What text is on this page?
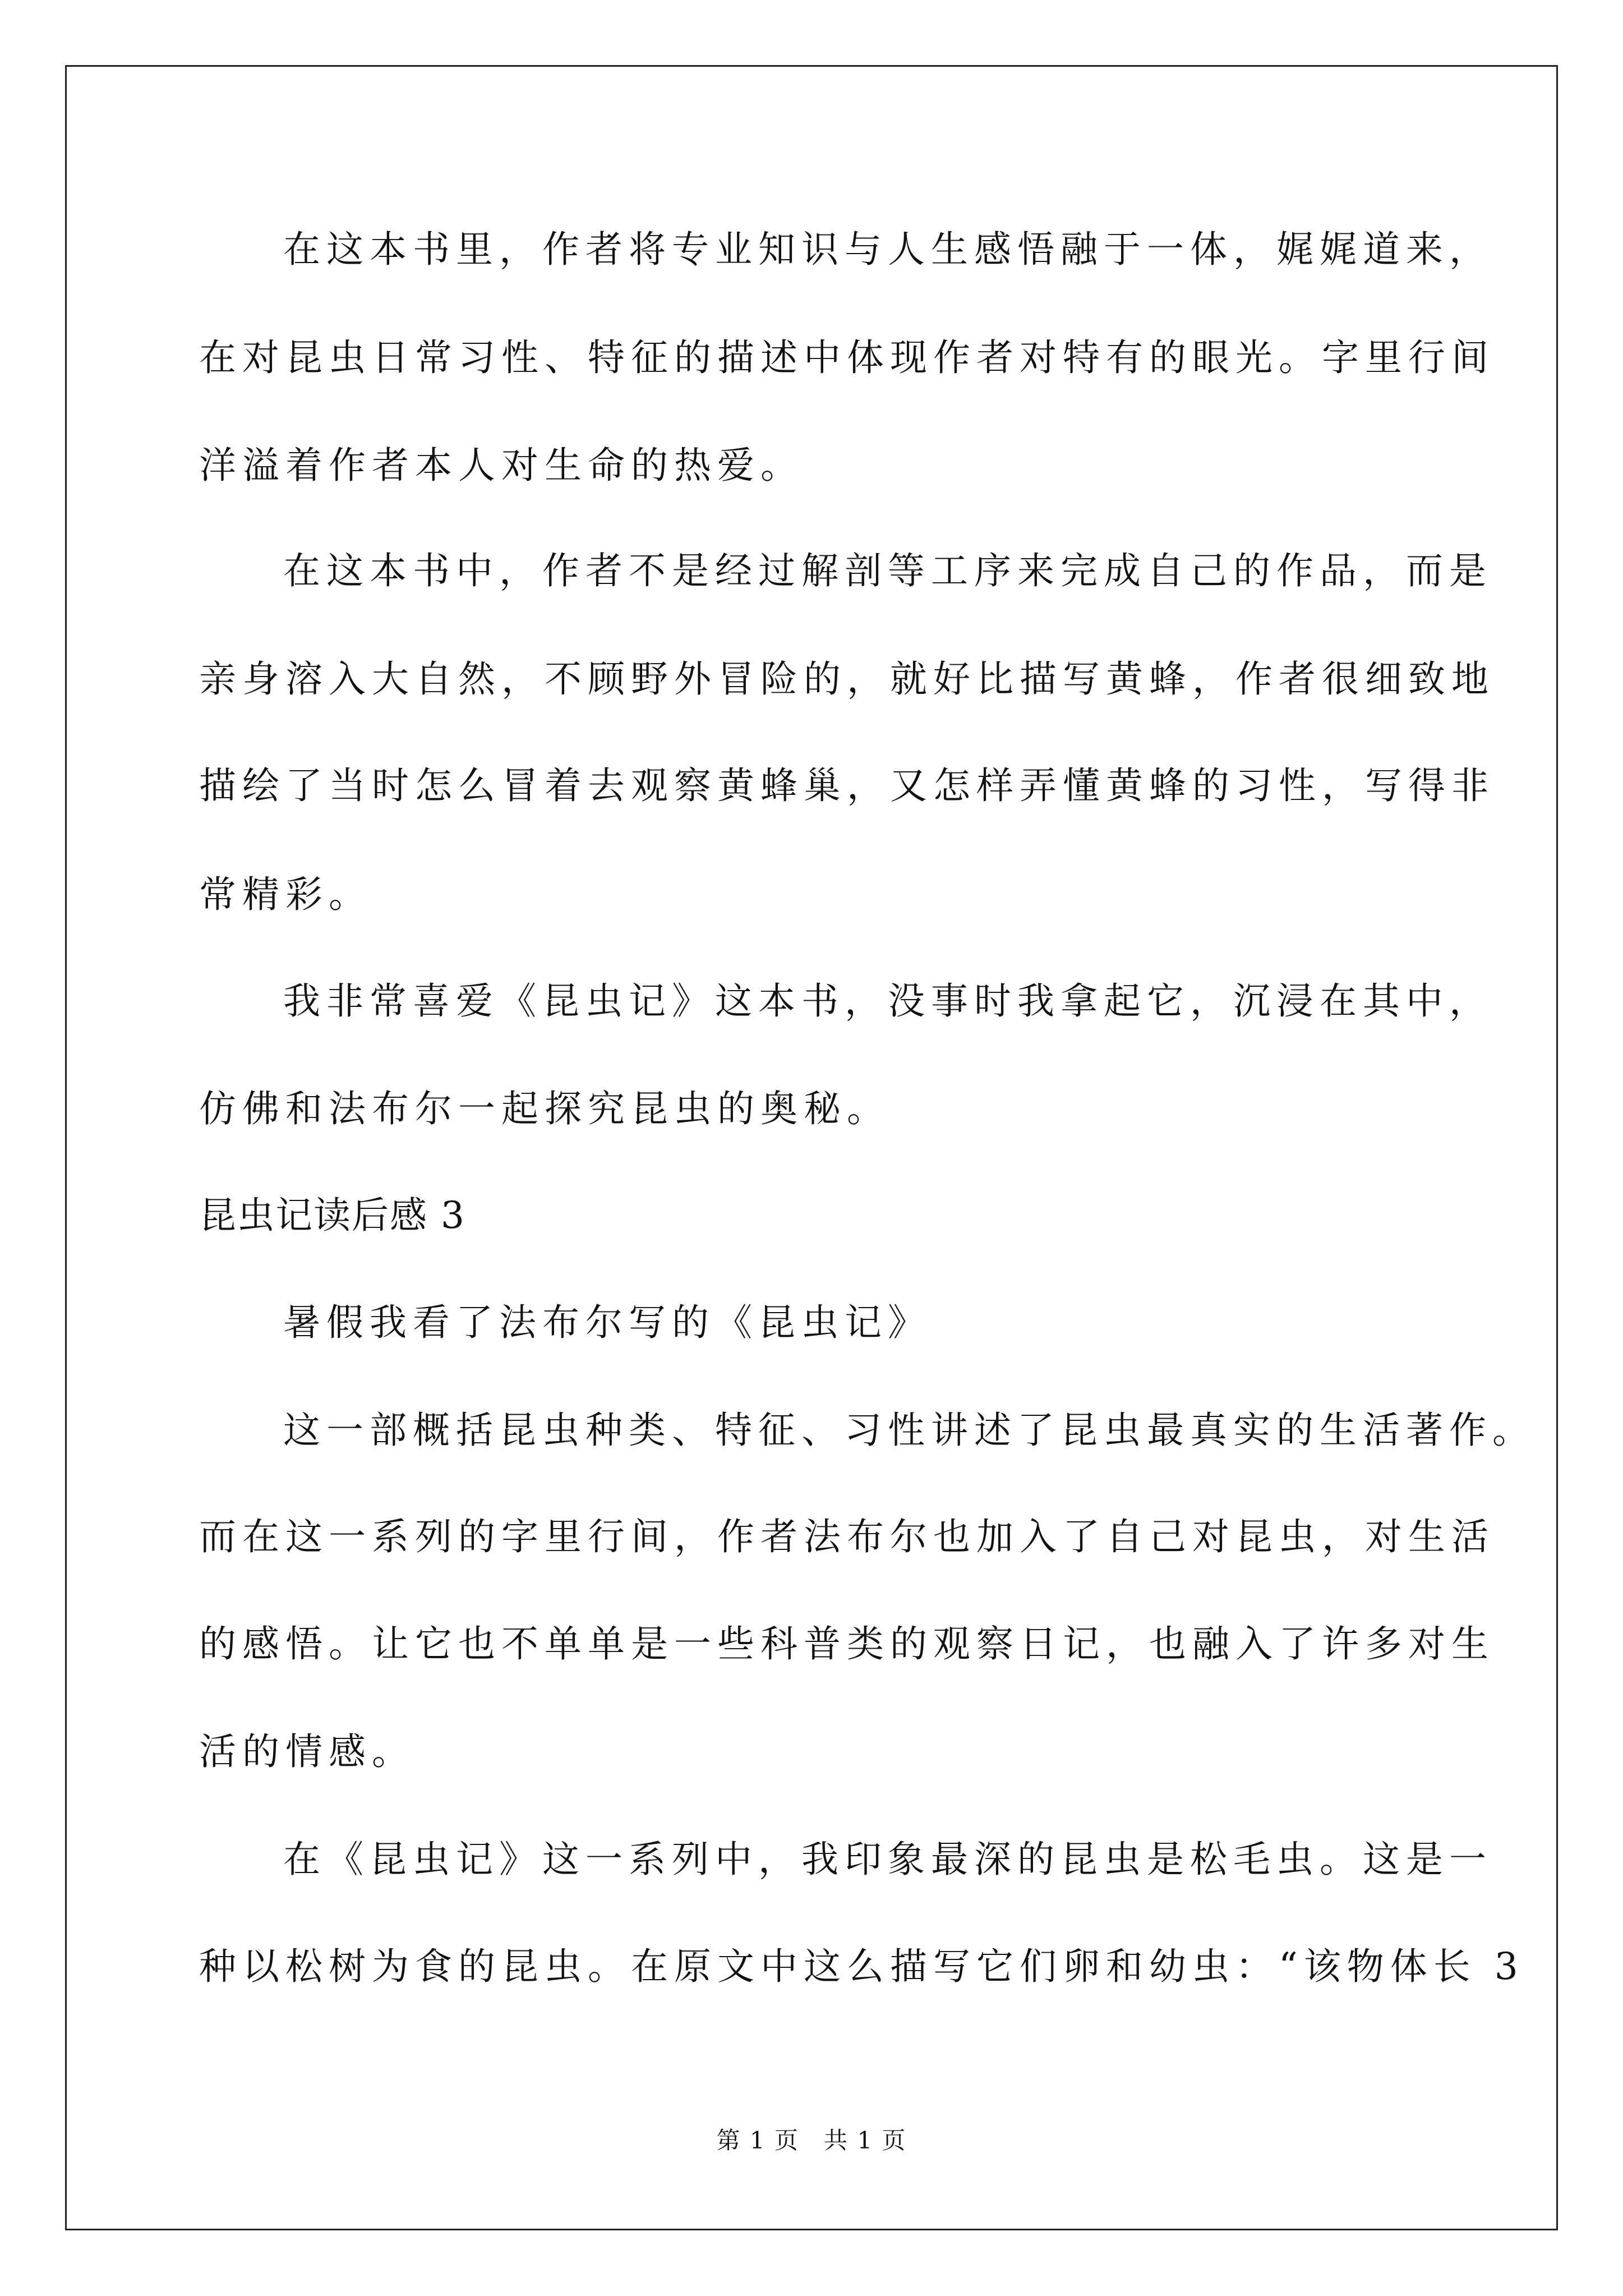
在这本书里，作者将专业知识与人生感悟融于一体，娓娓道来，
在对昆虫日常习性、特征的描述中体现作者对特有的眼光。字里行间
洋溢着作者本人对生命的热爱。
在这本书中，作者不是经过解剖等工序来完成自己的作品，而是
亲身溶入大自然，不顾野外冒险的，就好比描写黄蜂，作者很细致地
描绘了当时怎么冒着去观察黄蜂巢，又怎样弄懂黄蜂的习性，写得非
常精彩。
我非常喜爱《昆虫记》这本书，没事时我拿起它，沉浸在其中，
仿佛和法布尔一起探究昆虫的奥秘。
昆虫记读后感 3
暑假我看了法布尔写的《昆虫记》
这一部概括昆虫种类、特征、习性讲述了昆虫最真实的生活著作。
而在这一系列的字里行间，作者法布尔也加入了自己对昆虫，对生活
的感悟。让它也不单单是一些科普类的观察日记，也融入了许多对生
活的情感。
在《昆虫记》这一系列中，我印象最深的昆虫是松毛虫。这是一
种以松树为食的昆虫。在原文中这么描写它们卵和幼虫：“该物体长 3
第 1 页　共 1 页
